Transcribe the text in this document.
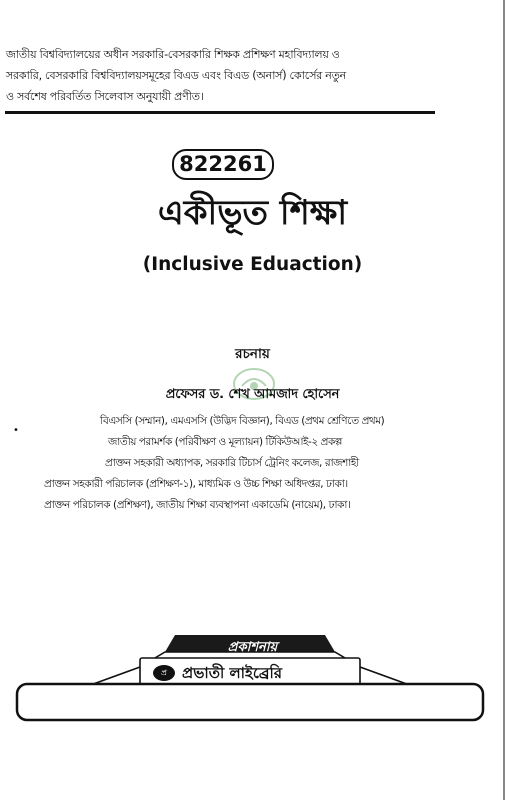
জাতীয় বিশ্ববিদ্যালয়ের অধীন সরকারি-বেসরকারি শিক্ষক প্রশিক্ষণ মহাবিদ্যালয় ও

সরকারি, বেসরকারি বিশ্ববিদ্যালয়সমূহের বিএড এবং বিএড (অনার্স) কোর্সের নতুন

ও সর্বশেষ পরিবর্তিত সিলেবাস অনুযায়ী প্রণীত।

822261
একীভূত শিক্ষা
(Inclusive Eduaction)
রচনায়
প্রফেসর ড. শেখ আমজাদ হোসেন
•
বিএসসি (সম্মান), এমএসসি (উদ্ভিদ বিজ্ঞান), বিএড (প্রথম শ্রেণিতে প্রথম)
জাতীয় পরামর্শক (পরিবীক্ষণ ও মূল্যায়ন) টিকিউআই-২ প্রকল্প
প্রাক্তন সহকারী অধ্যাপক, সরকারি টিচার্স ট্রেনিং কলেজ, রাজশাহী
প্রাক্তন সহকারী পরিচালক (প্রশিক্ষণ-১), মাধ্যমিক ও উচ্চ শিক্ষা অধিদপ্তর, ঢাকা।
প্রাক্তন পরিচালক (প্রশিক্ষণ), জাতীয় শিক্ষা ব্যবস্থাপনা একাডেমি (নায়েম), ঢাকা।
প্রকাশনায়
প্র	প্রভাতী লাইব্রেরি
